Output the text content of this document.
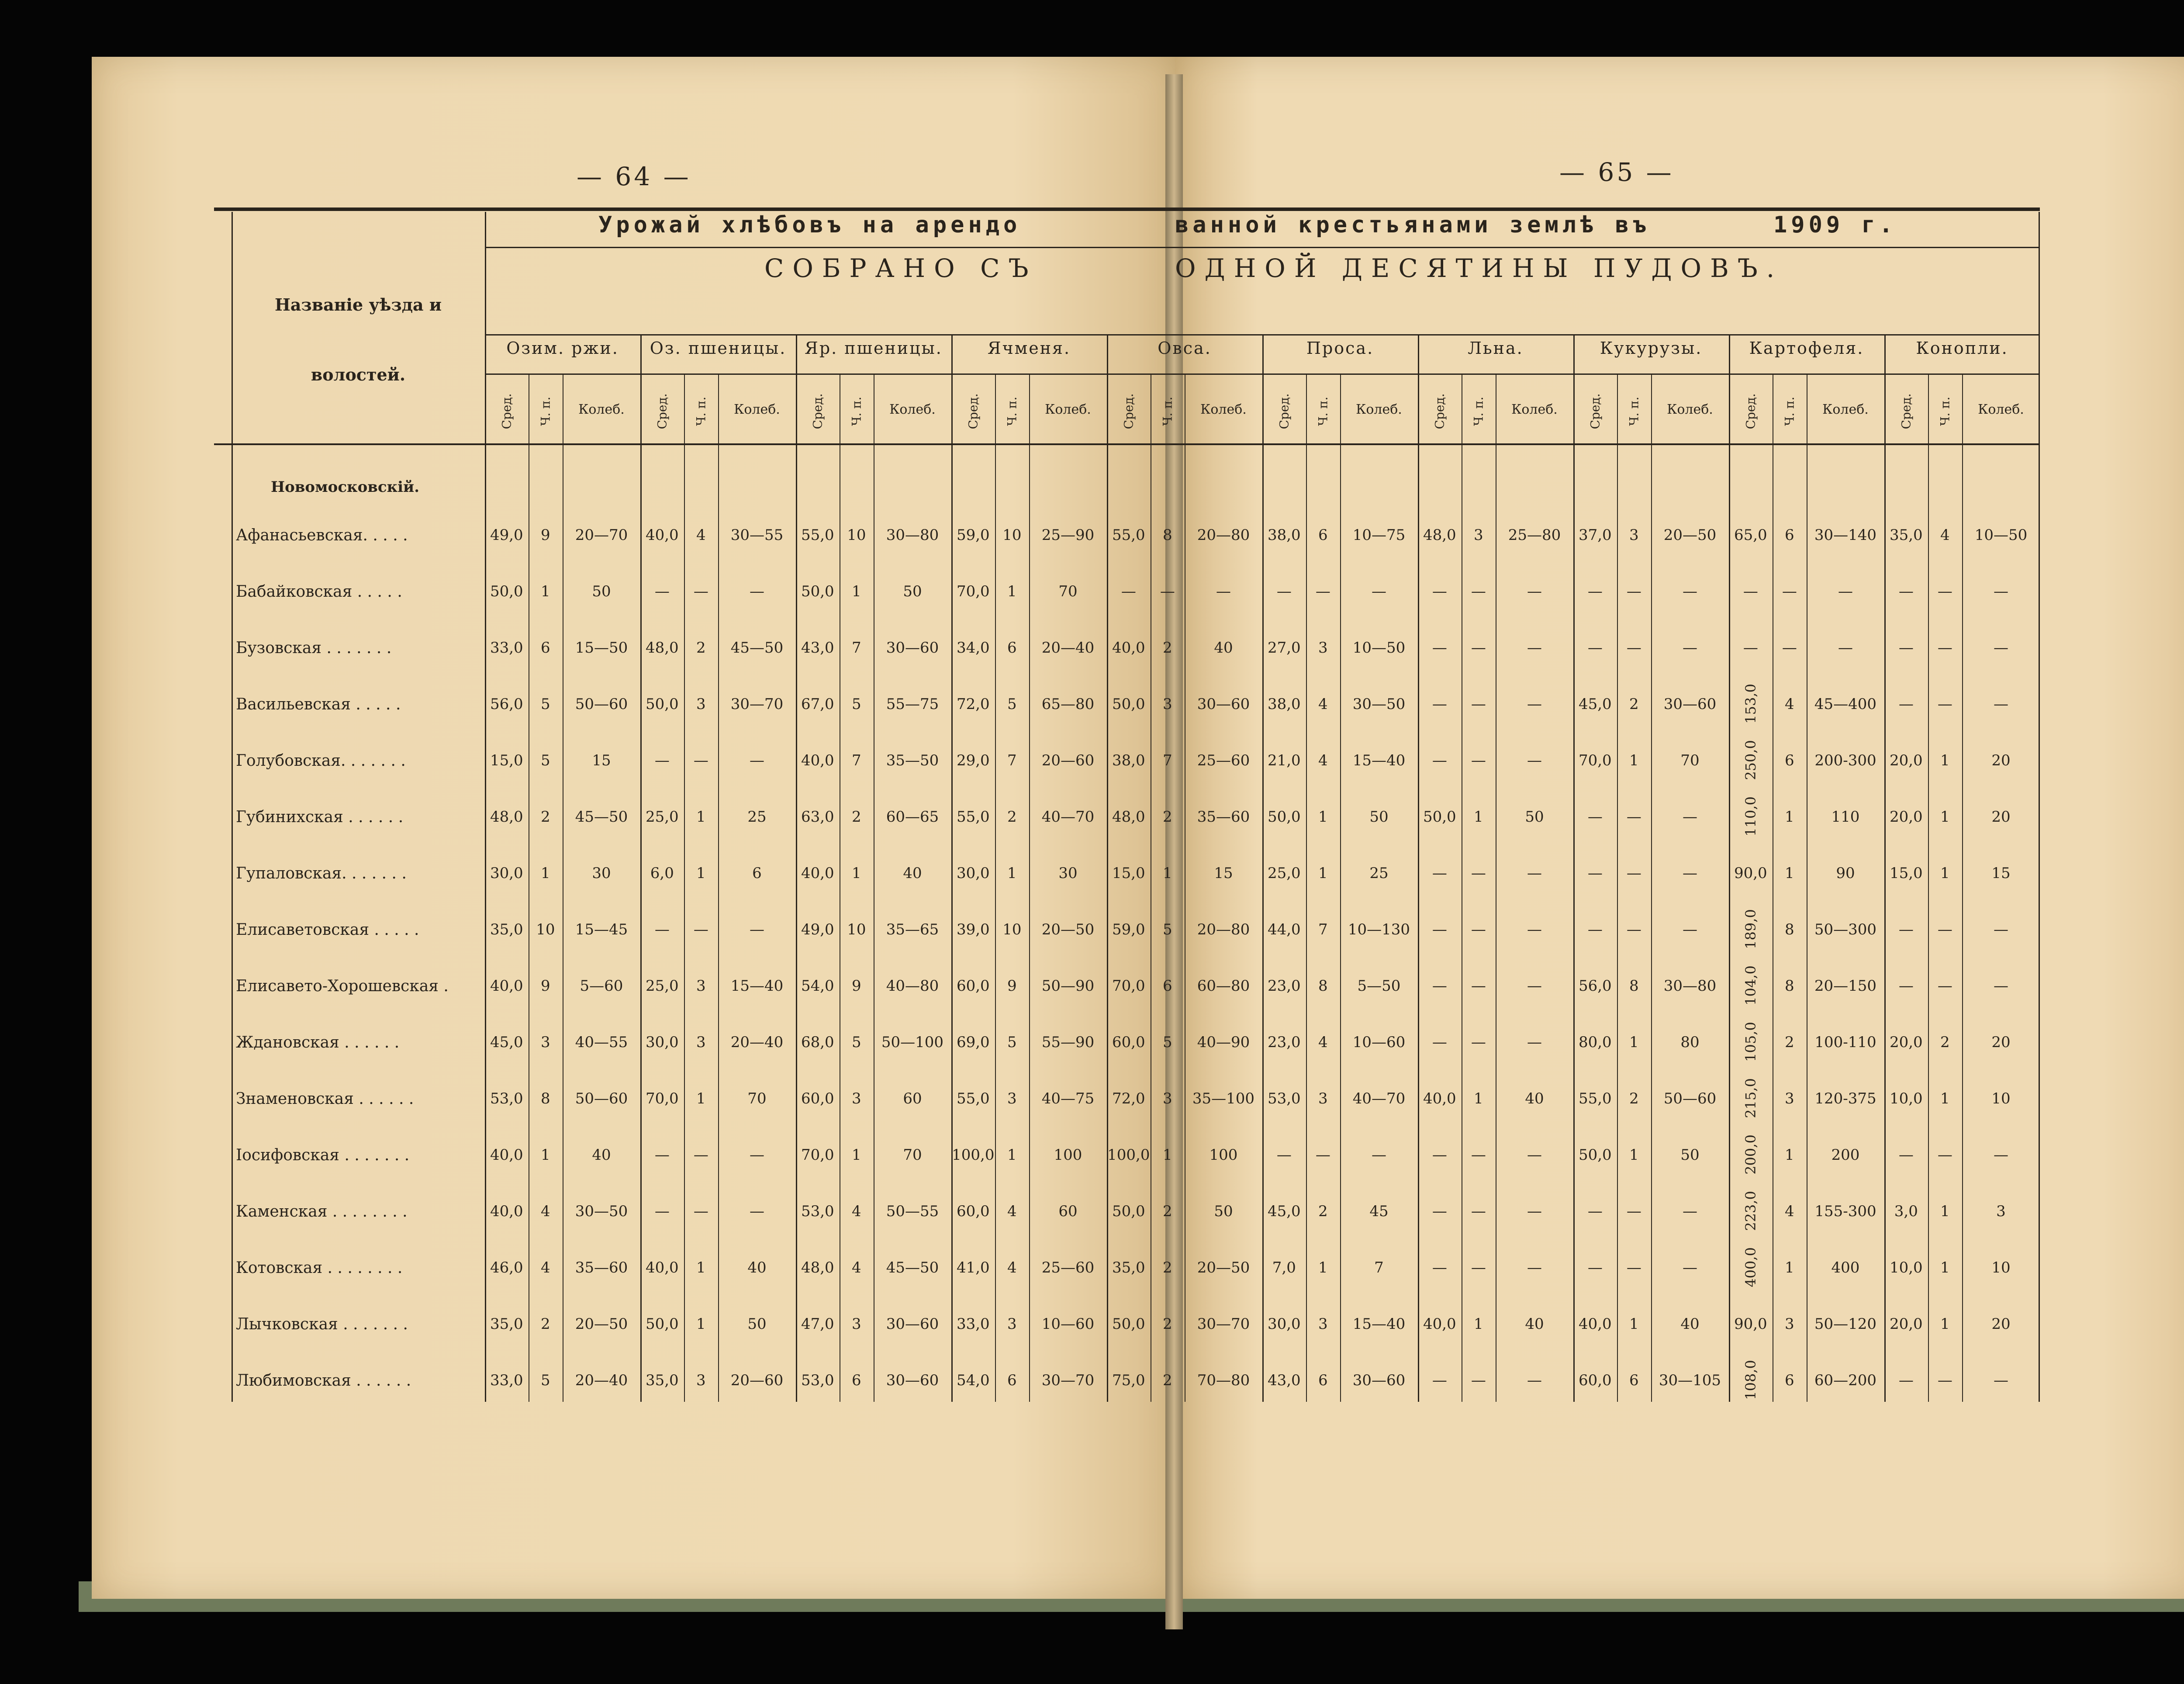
— 64 —	— 65 —
Урожай хлѣбовъ на арендо	ванной крестьянами землѣ въ	1909 г.
СОБРАНО СЪ	ОДНОЙ ДЕСЯТИНЫ ПУДОВЪ.
Названіе уѣзда и
волостей.
Озим. ржи.
Сред. Ч. п.	Колеб.
Оз. пшеницы.
Сред. Ч. п.	Колеб.
Яр. пшеницы.
Сред. Ч. п.	Колеб.
Ячменя.
Сред. Ч. п.	Колеб.
Овса.
Сред. Ч. п.	Колеб.
Проса.
Сред. Ч. п.	Колеб.
Льна.
Сред. Ч. п.	Колеб.
Кукурузы.
Сред. Ч. п.	Колеб.
Картофеля.
Сред. Ч. п.	Колеб.
Конопли.
Сред. Ч. п.	Колеб.
Новомосковскій.
Афанасьевская. . . . .	49,0	9	20—70	40,0	4	30—55	55,0 10	30—80	59,0 10	25—90	55,0	8	20—80	38,0	6	10—75	48,0	3	25—80	37,0	3	20—50	65,0	6	30—140 35,0	4	10—50
Бабайковская . . . . .	50,0	1	50	—	—	—	50,0	1	50	70,0	1	70	—	—	—	—	—	—	—	—	—	—	—	—	—	—	—	—	—	—
Бузовская . . . . . . .	33,0	6	15—50	48,0	2	45—50	43,0	7	30—60	34,0	6	20—40	40,0	2	40	27,0	3	10—50	—	—	—	—	—	—	—	—	—	—	—	—
Васильевская . . . . .	56,0	5	50—60	50,0	3	30—70	67,0	5	55—75	72,0	5	65—80	50,0	3	30—60	38,0	4	30—50	—	—	—	45,0	2	30—60	153,0	4	45—400	—	—	—
Голубовская. . . . . . .	15,0	5	15	—	—	—	40,0	7	35—50	29,0	7	20—60	38,0	7	25—60	21,0	4	15—40	—	—	—	70,0	1	70	250,0	6	200-300 20,0	1	20
Губинихская . . . . . .	48,0	2	45—50	25,0	1	25	63,0	2	60—65	55,0	2	40—70	48,0	2	35—60	50,0	1	50	50,0	1	50	—	—	—	110,0	1	110	20,0	1	20
Гупаловская. . . . . . .	30,0	1	30	6,0	1	6	40,0	1	40	30,0	1	30	15,0	1	15	25,0	1	25	—	—	—	—	—	—	90,0	1	90	15,0	1	15
Елисаветовская . . . . .	35,0 10	15—45	—	—	—	49,0 10	35—65	39,0 10	20—50	59,0	5	20—80	44,0	7	10—130	—	—	—	—	—	—	189,0	8	50—300	—	—	—
Елисавето-Хорошевская .	40,0	9	5—60	25,0	3	15—40	54,0	9	40—80	60,0	9	50—90	70,0	6	60—80	23,0	8	5—50	—	—	—	56,0	8	30—80	104,0	8	20—150	—	—	—
Ждановская . . . . . .	45,0	3	40—55	30,0	3	20—40	68,0	5	50—100 69,0	5	55—90	60,0	5	40—90	23,0	4	10—60	—	—	—	80,0	1	80	105,0	2	100-110 20,0	2	20
Знаменовская . . . . . .	53,0	8	50—60	70,0	1	70	60,0	3	60	55,0	3	40—75	72,0	3	35—100 53,0	3	40—70	40,0	1	40	55,0	2	50—60	215,0	3	120-375 10,0	1	10
Іосифовская . . . . . . .	40,0	1	40	—	—	—	70,0	1	70	100,0 1	100	100,0 1	100	—	—	—	—	—	—	50,0	1	50	200,0	1	200	—	—	—
Каменская . . . . . . . .	40,0	4	30—50	—	—	—	53,0	4	50—55	60,0	4	60	50,0	2	50	45,0	2	45	—	—	—	—	—	—	223,0	4	155-300	3,0	1	3
Котовская . . . . . . . .	46,0	4	35—60	40,0	1	40	48,0	4	45—50	41,0	4	25—60	35,0	2	20—50	7,0	1	7	—	—	—	—	—	—	400,0	1	400	10,0	1	10
Лычковская . . . . . . .	35,0	2	20—50	50,0	1	50	47,0	3	30—60	33,0	3	10—60	50,0	2	30—70	30,0	3	15—40	40,0	1	40	40,0	1	40	90,0	3	50—120 20,0	1	20
Любимовская . . . . . .	33,0	5	20—40	35,0	3	20—60	53,0	6	30—60	54,0	6	30—70	75,0	2	70—80	43,0	6	30—60	—	—	—	60,0	6	30—105	108,0	6	60—200	—	—	—
